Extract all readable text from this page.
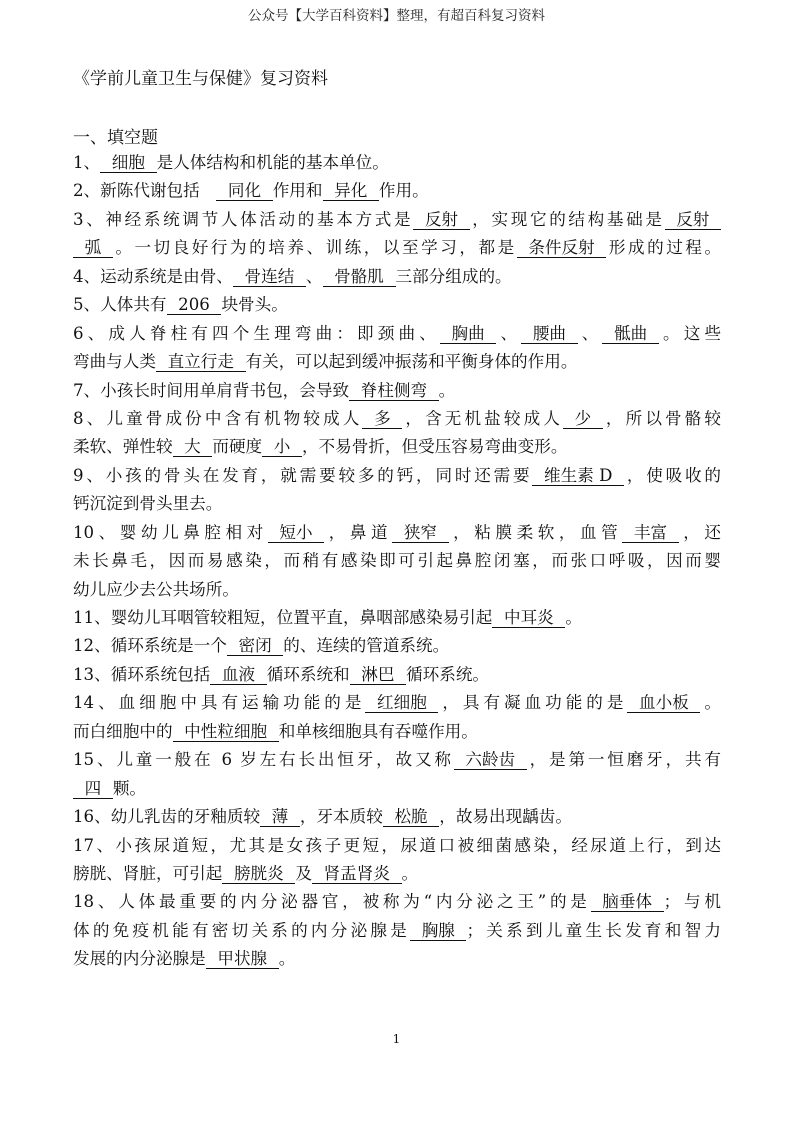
公众号【大学百科资料】整理，有超百科复习资料
《学前儿童卫生与保健》复习资料
一、填空题
1、 细胞 是人体结构和机能的基本单位。
2、新陈代谢包括　同化 作用和 异化 作用。
3、神经系统调节人体活动的基本方式是 反射 ，实现它的结构基础是 反射
弧 。一切良好行为的培养、训练，以至学习，都是 条件反射 形成的过程。
4、运动系统是由骨、 骨连结 、 骨骼肌 三部分组成的。
5、人体共有 206 块骨头。
6、成人脊柱有四个生理弯曲：即颈曲、 胸曲 、 腰曲 、 骶曲 。这些
弯曲与人类 直立行走 有关，可以起到缓冲振荡和平衡身体的作用。
7、小孩长时间用单肩背书包，会导致 脊柱侧弯 。
8、儿童骨成份中含有机物较成人 多 ，含无机盐较成人 少 ，所以骨骼较
柔软、弹性较 大 而硬度 小 ，不易骨折，但受压容易弯曲变形。
9、小孩的骨头在发育，就需要较多的钙，同时还需要 维生素 D ，使吸收的
钙沉淀到骨头里去。
10、婴幼儿鼻腔相对 短小 ，鼻道 狭窄 ，粘膜柔软，血管 丰富 ，还
未长鼻毛，因而易感染，而稍有感染即可引起鼻腔闭塞，而张口呼吸，因而婴
幼儿应少去公共场所。
11、婴幼儿耳咽管较粗短，位置平直，鼻咽部感染易引起 中耳炎 。
12、循环系统是一个 密闭 的、连续的管道系统。
13、循环系统包括 血液 循环系统和 淋巴 循环系统。
14、血细胞中具有运输功能的是 红细胞 ，具有凝血功能的是 血小板 。
而白细胞中的 中性粒细胞 和单核细胞具有吞噬作用。
15、儿童一般在 6 岁左右长出恒牙，故又称 六龄齿 ，是第一恒磨牙，共有
四 颗。
16、幼儿乳齿的牙釉质较 薄 ，牙本质较 松脆 ，故易出现龋齿。
17、小孩尿道短，尤其是女孩子更短，尿道口被细菌感染，经尿道上行，到达
膀胱、肾脏，可引起 膀胱炎 及 肾盂肾炎 。
18、人体最重要的内分泌器官，被称为“内分泌之王”的是 脑垂体 ；与机
体的免疫机能有密切关系的内分泌腺是 胸腺 ；关系到儿童生长发育和智力
发展的内分泌腺是 甲状腺 。
1
